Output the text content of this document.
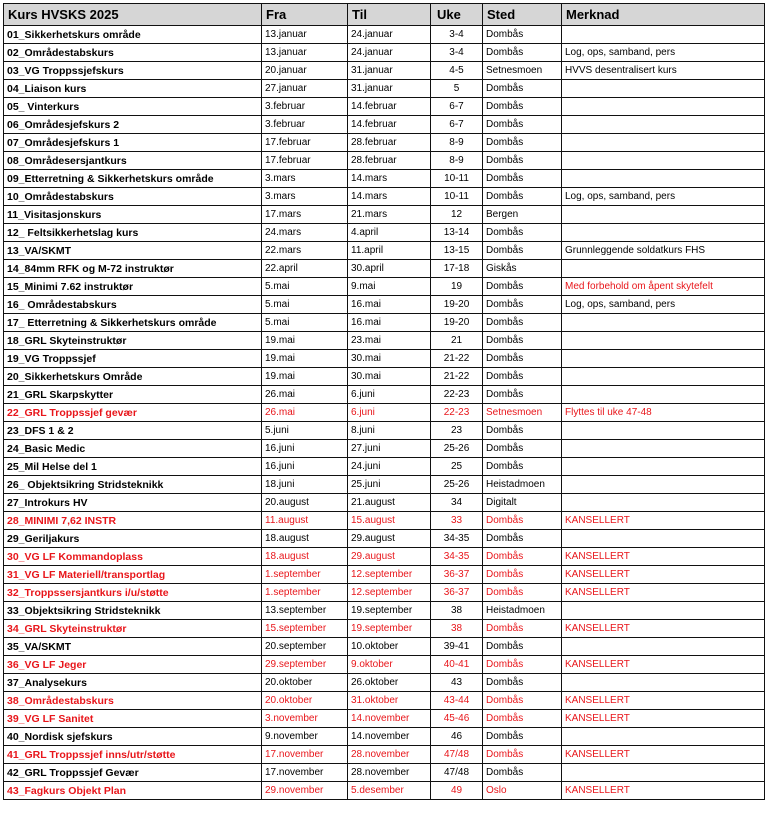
Kurs HVSKS 2025	Fra	Til	Uke	Sted	Merknad
01_Sikkerhetskurs område	13.januar	24.januar	3-4	Dombås	
02_Områdestabskurs	13.januar	24.januar	3-4	Dombås	Log, ops, samband, pers
03_VG Troppssjefskurs	20.januar	31.januar	4-5	Setnesmoen	HVVS desentralisert kurs
04_Liaison kurs	27.januar	31.januar	5	Dombås	
05_ Vinterkurs	3.februar	14.februar	6-7	Dombås	
06_Områdesjefskurs 2	3.februar	14.februar	6-7	Dombås	
07_Områdesjefskurs 1	17.februar	28.februar	8-9	Dombås	
08_Områdesersjantkurs	17.februar	28.februar	8-9	Dombås	
09_Etterretning & Sikkerhetskurs område	3.mars	14.mars	10-11	Dombås	
10_Områdestabskurs	3.mars	14.mars	10-11	Dombås	Log, ops, samband, pers
11_Visitasjonskurs	17.mars	21.mars	12	Bergen	
12_ Feltsikkerhetslag kurs	24.mars	4.april	13-14	Dombås	
13_VA/SKMT	22.mars	11.april	13-15	Dombås	Grunnleggende soldatkurs FHS
14_84mm RFK og M-72 instruktør	22.april	30.april	17-18	Giskås	
15_Minimi 7.62 instruktør	5.mai	9.mai	19	Dombås	Med forbehold om åpent skytefelt
16_ Områdestabskurs	5.mai	16.mai	19-20	Dombås	Log, ops, samband, pers
17_ Etterretning & Sikkerhetskurs område	5.mai	16.mai	19-20	Dombås	
18_GRL Skyteinstruktør	19.mai	23.mai	21	Dombås	
19_VG Troppssjef	19.mai	30.mai	21-22	Dombås	
20_Sikkerhetskurs Område	19.mai	30.mai	21-22	Dombås	
21_GRL Skarpskytter	26.mai	6.juni	22-23	Dombås	
22_GRL Troppssjef gevær	26.mai	6.juni	22-23	Setnesmoen	Flyttes til uke 47-48
23_DFS 1 & 2	5.juni	8.juni	23	Dombås	
24_Basic Medic	16.juni	27.juni	25-26	Dombås	
25_Mil Helse del 1	16.juni	24.juni	25	Dombås	
26_ Objektsikring Stridsteknikk	18.juni	25.juni	25-26	Heistadmoen	
27_Introkurs HV	20.august	21.august	34	Digitalt	
28_MINIMI 7,62 INSTR	11.august	15.august	33	Dombås	KANSELLERT
29_Geriljakurs	18.august	29.august	34-35	Dombås	
30_VG LF Kommandoplass	18.august	29.august	34-35	Dombås	KANSELLERT
31_VG LF Materiell/transportlag	1.september	12.september	36-37	Dombås	KANSELLERT
32_Troppssersjantkurs i/u/støtte	1.september	12.september	36-37	Dombås	KANSELLERT
33_Objektsikring Stridsteknikk	13.september	19.september	38	Heistadmoen	
34_GRL Skyteinstruktør	15.september	19.september	38	Dombås	KANSELLERT
35_VA/SKMT	20.september	10.oktober	39-41	Dombås	
36_VG LF Jeger	29.september	9.oktober	40-41	Dombås	KANSELLERT
37_Analysekurs	20.oktober	26.oktober	43	Dombås	
38_Områdestabskurs	20.oktober	31.oktober	43-44	Dombås	KANSELLERT
39_VG LF Sanitet	3.november	14.november	45-46	Dombås	KANSELLERT
40_Nordisk sjefskurs	9.november	14.november	46	Dombås	
41_GRL Troppssjef inns/utr/støtte	17.november	28.november	47/48	Dombås	KANSELLERT
42_GRL Troppssjef Gevær	17.november	28.november	47/48	Dombås	
43_Fagkurs Objekt Plan	29.november	5.desember	49	Oslo	KANSELLERT
